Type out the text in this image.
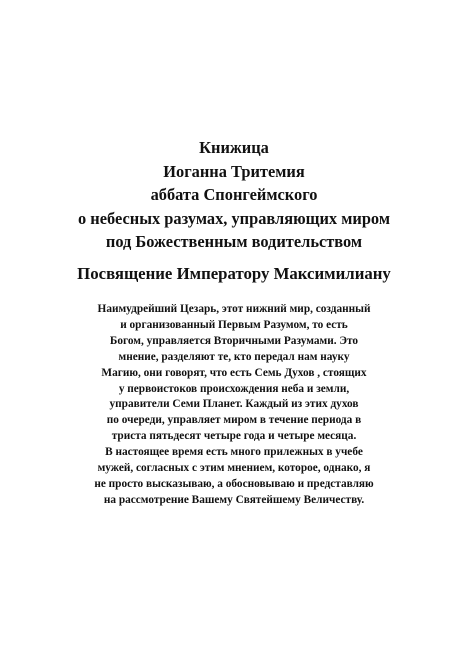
Книжица
Иоганна Тритемия
аббата Спонгеймского
о небесных разумах, управляющих миром
под Божественным водительством
Посвящение Императору Максимилиану
Наимудрейший Цезарь, этот нижний мир, созданный
и организованный Первым Разумом, то есть
Богом, управляется Вторичными Разумами. Это
мнение, разделяют те, кто передал нам науку
Магию, они говорят, что есть Семь Духов , стоящих
у первоистоков происхождения неба и земли,
управители Семи Планет. Каждый из этих духов
по очереди, управляет миром в течение периода в
триста пятьдесят четыре года и четыре месяца.
В настоящее время есть много прилежных в учебе
мужей, согласных с этим мнением, которое, однако, я
не просто высказываю, а обосновываю и представляю
на рассмотрение Вашему Святейшему Величеству.
